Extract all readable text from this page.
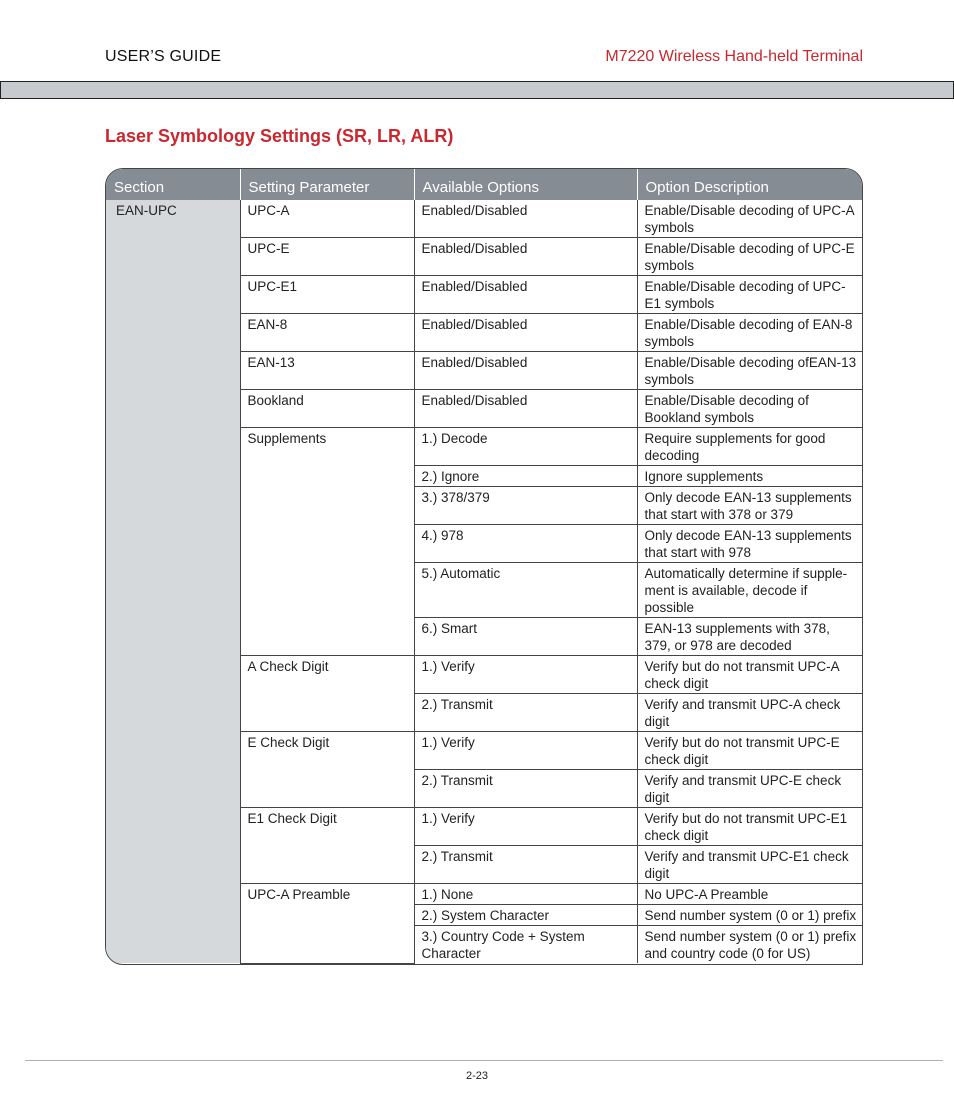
USER’S GUIDE	M7220 Wireless Hand-held Terminal
Laser Symbology Settings (SR, LR, ALR)
Section	Setting Parameter	Available Options	Option Description
EAN-UPC	UPC-A	Enabled/Disabled	Enable/Disable decoding of UPC-A symbols
	UPC-E	Enabled/Disabled	Enable/Disable decoding of UPC-E symbols
	UPC-E1	Enabled/Disabled	Enable/Disable decoding of UPC-E1 symbols
	EAN-8	Enabled/Disabled	Enable/Disable decoding of EAN-8 symbols
	EAN-13	Enabled/Disabled	Enable/Disable decoding ofEAN-13 symbols
	Bookland	Enabled/Disabled	Enable/Disable decoding of Bookland symbols
	Supplements	1.) Decode	Require supplements for good decoding
		2.) Ignore	Ignore supplements
		3.) 378/379	Only decode EAN-13 supplements that start with 378 or 379
		4.) 978	Only decode EAN-13 supplements that start with 978
		5.) Automatic	Automatically determine if supple-ment is available, decode if possible
		6.) Smart	EAN-13 supplements with 378, 379, or 978 are decoded
	A Check Digit	1.) Verify	Verify but do not transmit UPC-A check digit
		2.) Transmit	Verify and transmit UPC-A check digit
	E Check Digit	1.) Verify	Verify but do not transmit UPC-E check digit
		2.) Transmit	Verify and transmit UPC-E check digit
	E1 Check Digit	1.) Verify	Verify but do not transmit UPC-E1 check digit
		2.) Transmit	Verify and transmit UPC-E1 check digit
	UPC-A Preamble	1.) None	No UPC-A Preamble
		2.) System Character	Send number system (0 or 1) prefix
		3.) Country Code + System Character	Send number system (0 or 1) prefix and country code (0 for US)
2-23
